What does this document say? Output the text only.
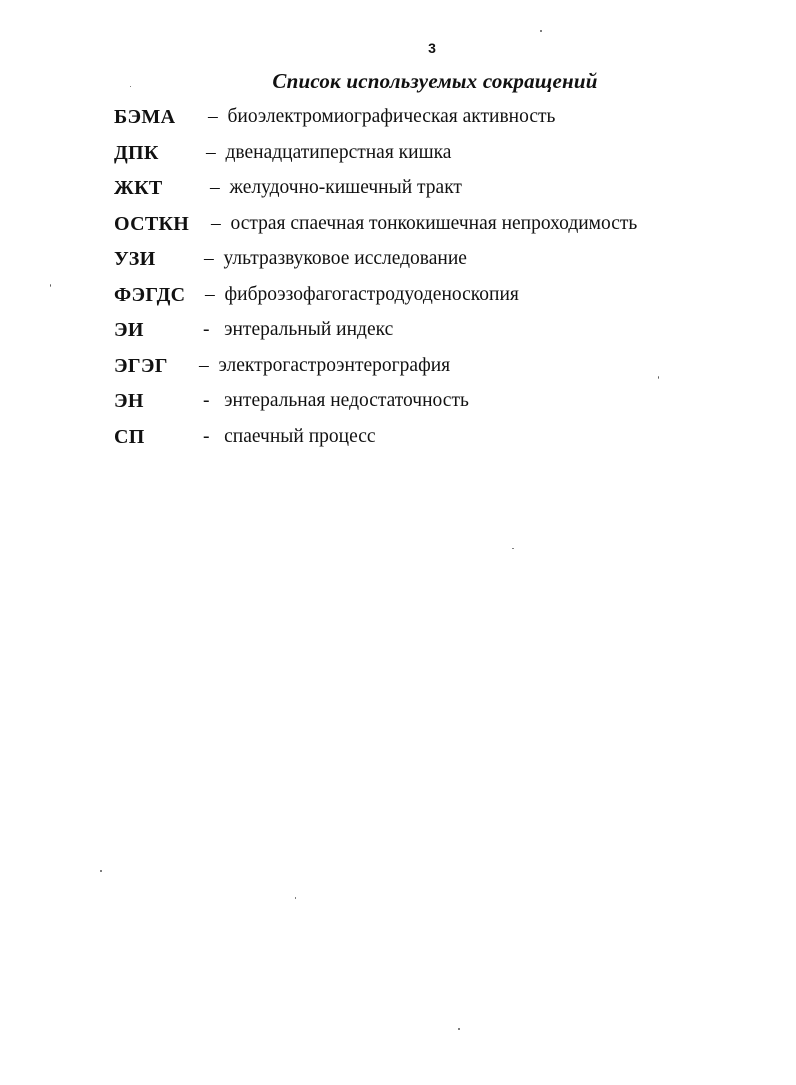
3
Список используемых сокращений
БЭМА – биоэлектромиографическая активность
ДПК – двенадцатиперстная кишка
ЖКТ – желудочно-кишечный тракт
ОСТКН – острая спаечная тонкокишечная непроходимость
УЗИ – ультразвуковое исследование
ФЭГДС – фиброэзофагогастродуоденоскопия
ЭИ	- энтеральный индекс
ЭГЭГ – электрогастроэнтерография
ЭН	- энтеральная недостаточность
СП	- спаечный процесс
